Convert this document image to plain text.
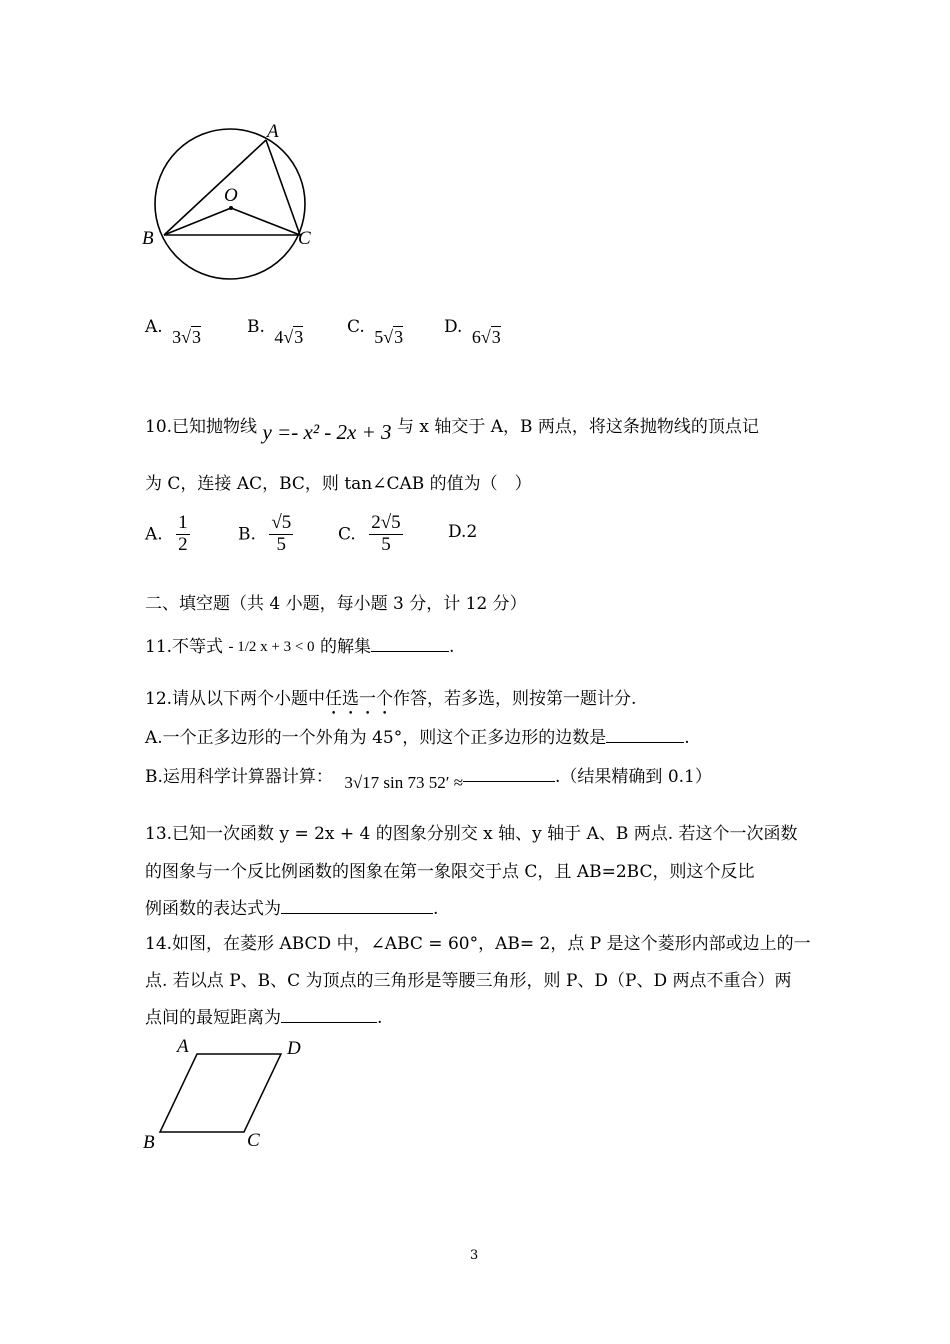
A
O
B	C
A. 3√3	B. 4√3	C. 5√3 D. 6√3
10.已知抛物线 y =- x² - 2x + 3 与 x 轴交于 A，B 两点，将这条抛物线的顶点记
为 C，连接 AC，BC，则 tan∠CAB 的值为（　）
A. $\frac{1}{2}$	B. $\frac{√5}{5}$	C. $\frac{2√5}{5}$	D.2
二、填空题（共 4 小题，每小题 3 分，计 12 分）
11.不等式 - 1/2 x + 3 < 0 的解集	.
12.请从以下两个小题中任选一个作答，若多选，则按第一题计分.
A.一个正多边形的一个外角为 45°，则这个正多边形的边数是	.
B.运用科学计算器计算： 3√17 sin 73 52′ ≈	.（结果精确到 0.1）
13.已知一次函数 y = 2x + 4 的图象分别交 x 轴、y 轴于 A、B 两点. 若这个一次函数
的图象与一个反比例函数的图象在第一象限交于点 C，且 AB=2BC，则这个反比
例函数的表达式为	.
14.如图，在菱形 ABCD 中，∠ABC = 60°，AB= 2，点 P 是这个菱形内部或边上的一
点. 若以点 P、B、C 为顶点的三角形是等腰三角形，则 P、D（P、D 两点不重合）两
点间的最短距离为	.
A	D
B	C
3
